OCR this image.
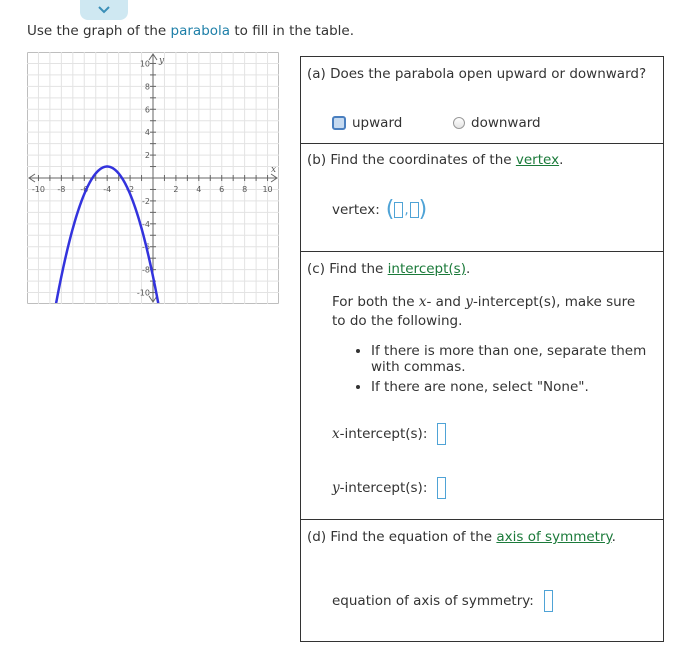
Use the graph of the parabola to fill in the table.
-10 -8 -6 -4 -2	2 4 6 8 10
10
8
6
4
2
-2
-4
-6
-8
-10
x
y
(a) Does the parabola open upward or downward?
upward	downward
(b) Find the coordinates of the vertex.
vertex: ( , )
(c) Find the intercept(s).
For both the x- and y-intercept(s), make sure
to do the following.
• If there is more than one, separate them with commas.
• If there are none, select "None".
x -intercept(s):
y -intercept(s):
(d) Find the equation of the axis of symmetry.
equation of axis of symmetry:
